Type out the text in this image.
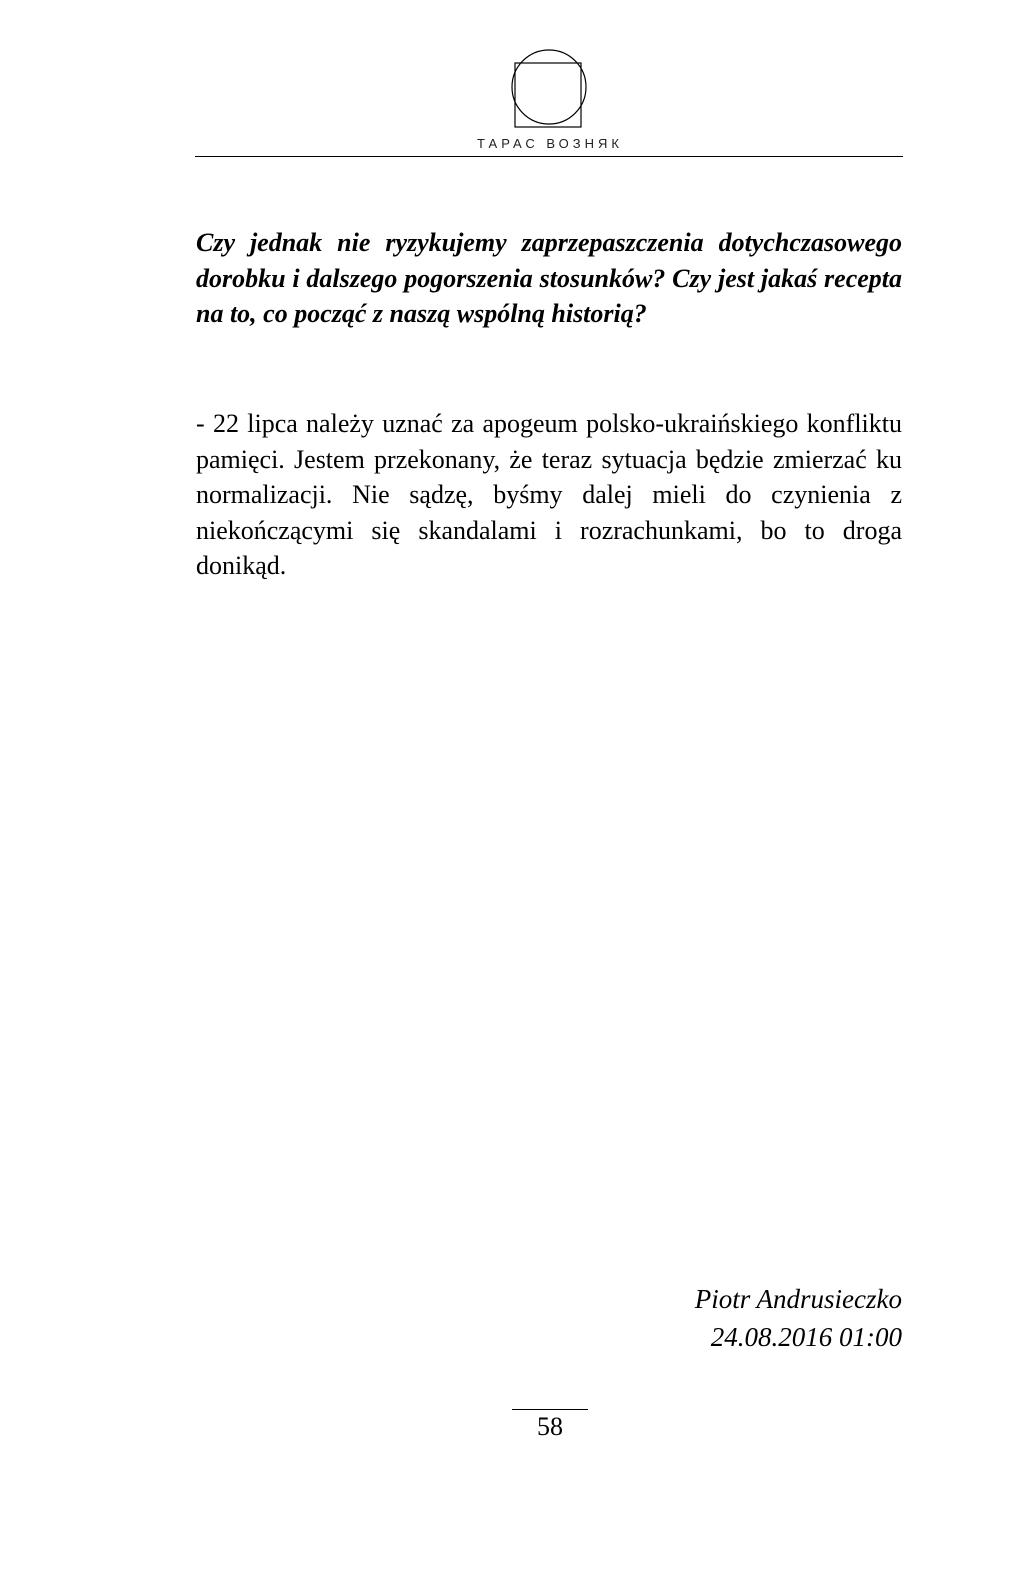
ТАРАС ВОЗНЯК

Czy jednak nie ryzykujemy zaprzepaszczenia dotychczasowego dorobku i dalszego pogorszenia stosunków? Czy jest jakaś recepta na to, co począć z naszą wspólną historią?

- 22 lipca należy uznać za apogeum polsko-ukraińskiego konfliktu pamięci. Jestem przekonany, że teraz sytuacja będzie zmierzać ku normalizacji. Nie sądzę, byśmy dalej mieli do czynienia z niekończącymi się skandalami i rozrachunkami, bo to droga donikąd.

Piotr Andrusieczko
24.08.2016 01:00
58
